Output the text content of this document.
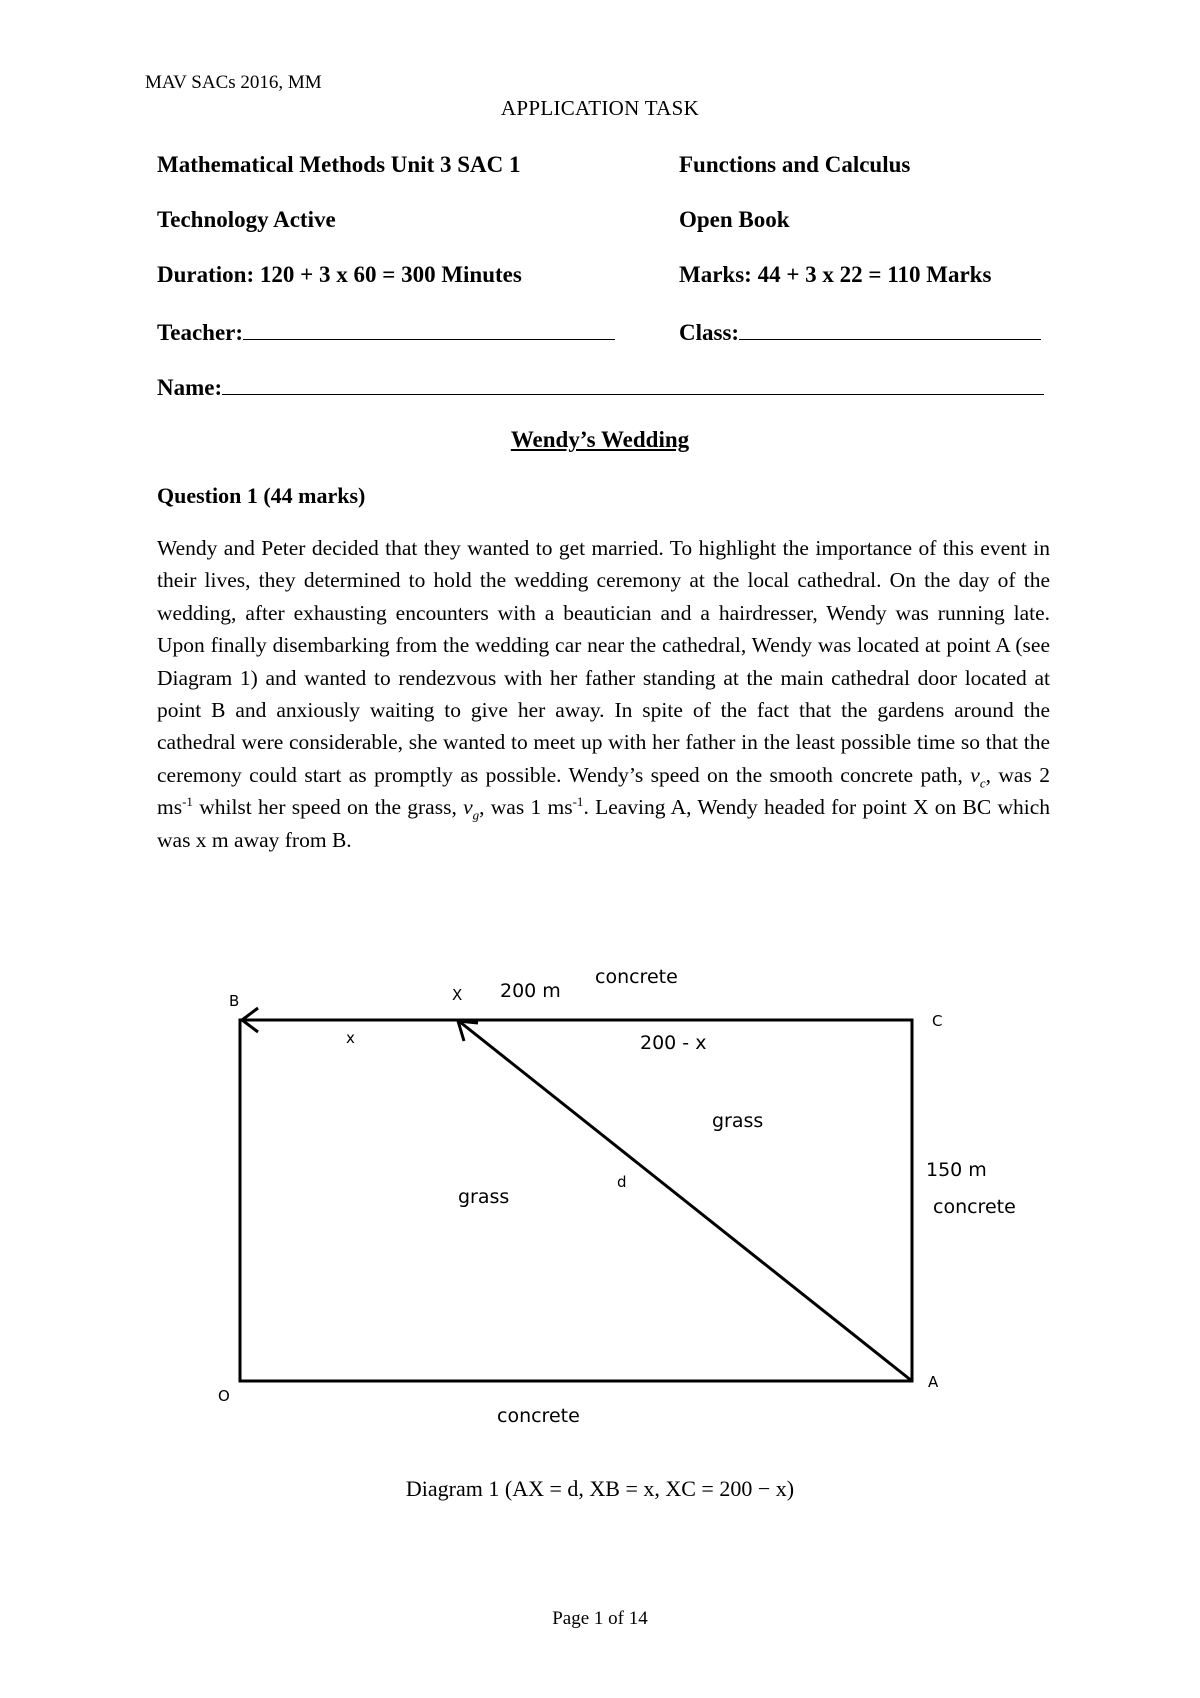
MAV SACs 2016, MM
APPLICATION TASK
Mathematical Methods Unit 3 SAC 1	Functions and Calculus
Technology Active	Open Book
Duration: 120 + 3 x 60 = 300 Minutes	Marks: 44 + 3 x 22 = 110 Marks
Teacher:	Class:
Name:
Wendy’s Wedding
Question 1 (44 marks)
Wendy and Peter decided that they wanted to get married. To highlight the importance of this event in their lives, they determined to hold the wedding ceremony at the local cathedral. On the day of the wedding, after exhausting encounters with a beautician and a hairdresser, Wendy was running late. Upon finally disembarking from the wedding car near the cathedral, Wendy was located at point A (see Diagram 1) and wanted to rendezvous with her father standing at the main cathedral door located at point B and anxiously waiting to give her away. In spite of the fact that the gardens around the cathedral were considerable, she wanted to meet up with her father in the least possible time so that the ceremony could start as promptly as possible. Wendy’s speed on the smooth concrete path, $v_c$, was 2 $ms^{-1}$ whilst her speed on the grass, $v_g$, was 1 $ms^{-1}$. Leaving A, Wendy headed for point X on BC which was x m away from B.
B	X 200 m
concrete
C
x	200 - x
grass
d
grass
150 m
concrete
O
A
concrete
Diagram 1 (AX = d, XB = x, XC = 200 − x)
Page 1 of 14
